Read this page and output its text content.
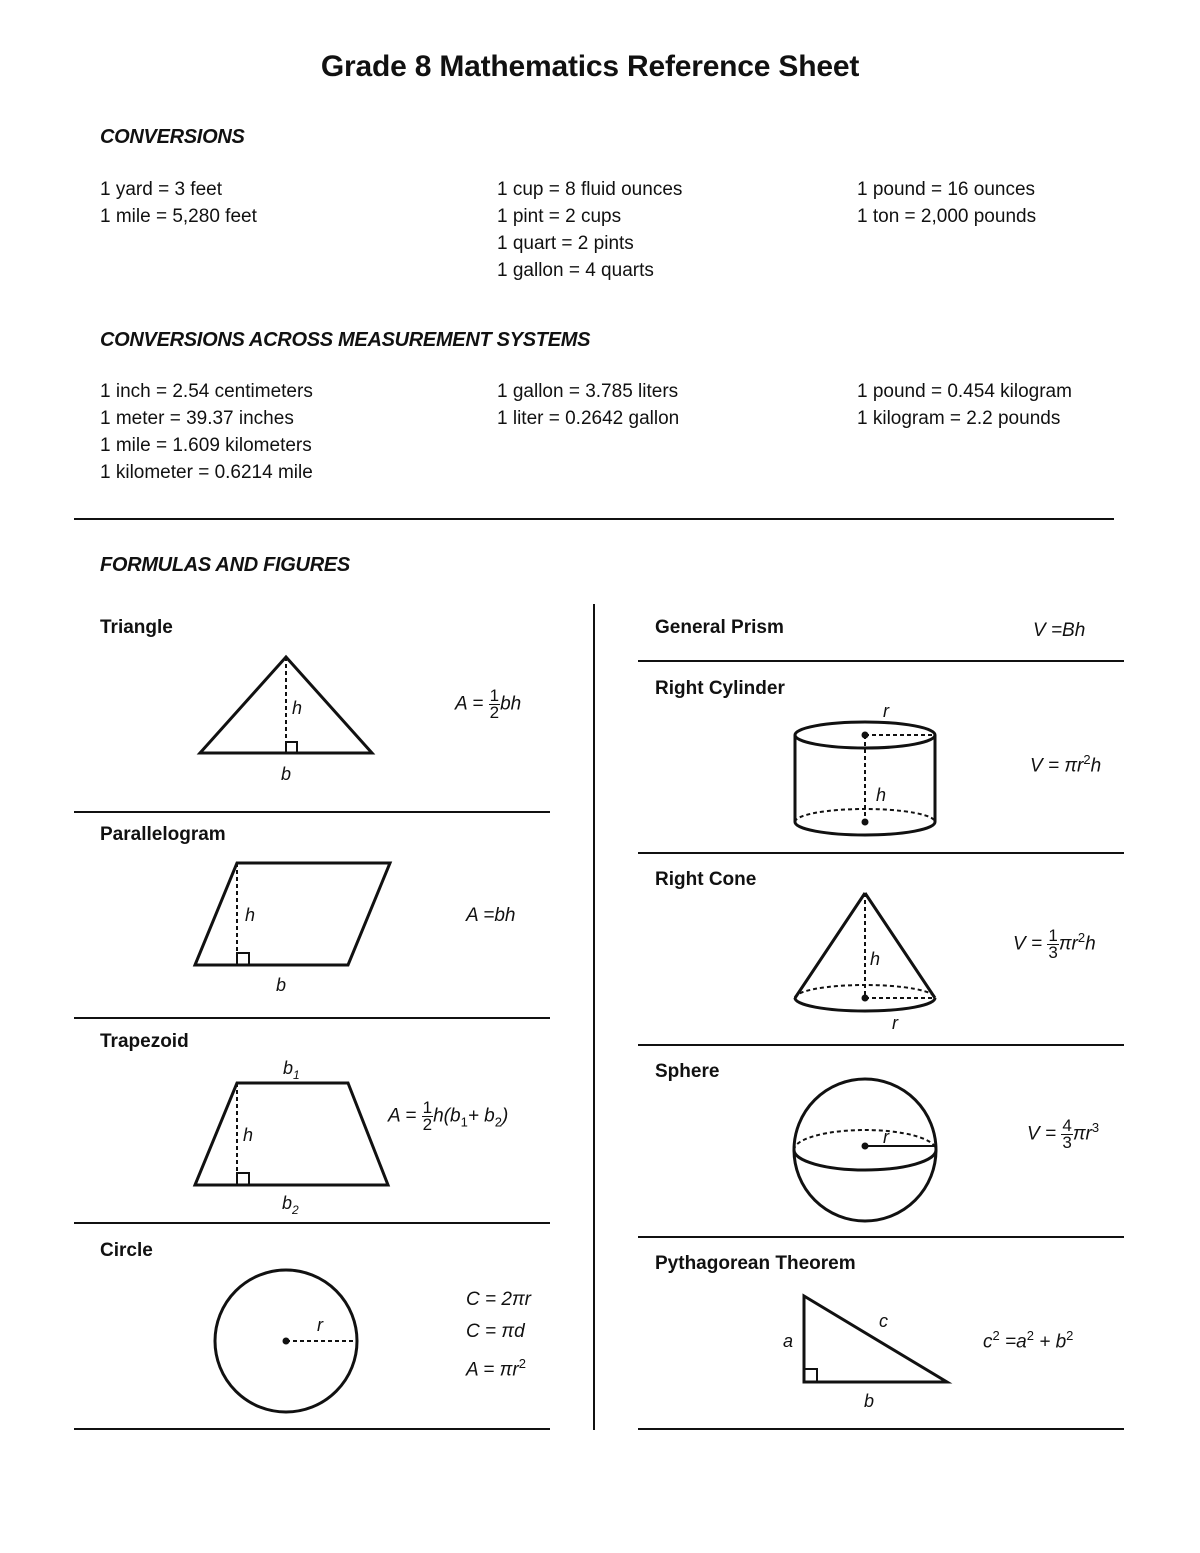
Grade 8 Mathematics Reference Sheet
CONVERSIONS
1 yard = 3 feet
1 mile = 5,280 feet
1 cup = 8 fluid ounces
1 pint = 2 cups
1 quart = 2 pints
1 gallon = 4 quarts
1 pound = 16 ounces
1 ton = 2,000 pounds
CONVERSIONS ACROSS MEASUREMENT SYSTEMS
1 inch = 2.54 centimeters
1 meter = 39.37 inches
1 mile = 1.609 kilometers
1 kilometer = 0.6214 mile
1 gallon = 3.785 liters
1 liter = 0.2642 gallon
1 pound = 0.454 kilogram
1 kilogram = 2.2 pounds
FORMULAS AND FIGURES
Triangle
h
b
$A = \frac{1}{2}$ bh
Parallelogram
h
b
A =bh
Trapezoid
h
$b_1$
$b_2$
$A = \frac{1}{2} h(b_1+ b_2)$
Circle
r
C = 2πr
C = πd
$A = \pi r^2$
General Prism	V =Bh
Right Cylinder
r
h
$V = \pi r^2h$
Right Cone
h
r
$V = \frac{1}{3} \pi r^2h$
Sphere
r	$V = \frac{4}{3} \pi r^3$
Pythagorean Theorem
a
b
c
$c^2 =a^2 + b^2$
